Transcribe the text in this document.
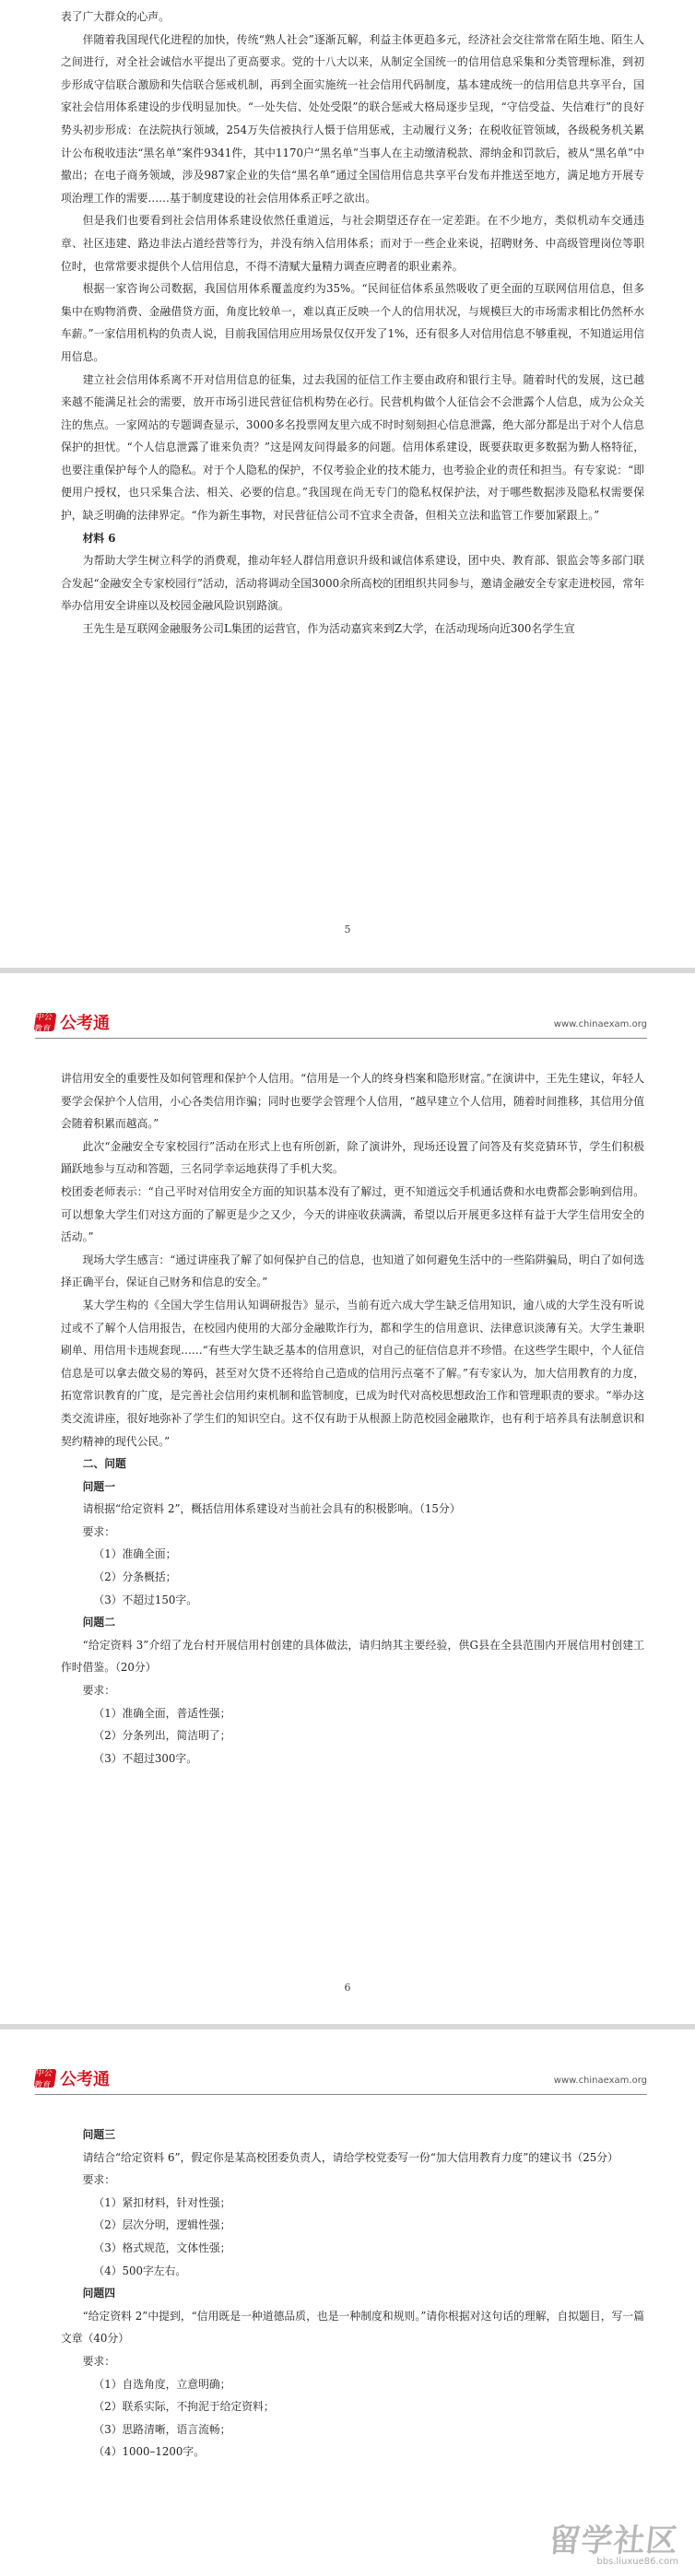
表了广大群众的心声。

伴随着我国现代化进程的加快，传统“熟人社会”逐渐瓦解，利益主体更趋多元，经济社会交往常常在陌生地、陌生人之间进行，对全社会诚信水平提出了更高要求。党的十八大以来，从制定全国统一的信用信息采集和分类管理标准，到初步形成守信联合激励和失信联合惩戒机制，再到全面实施统一社会信用代码制度，基本建成统一的信用信息共享平台，国家社会信用体系建设的步伐明显加快。“一处失信、处处受限”的联合惩戒大格局逐步呈现，“守信受益、失信难行”的良好势头初步形成：在法院执行领域，254万失信被执行人慑于信用惩戒，主动履行义务；在税收征管领域，各级税务机关累计公布税收违法“黑名单”案件9341件，其中1170户“黑名单”当事人在主动缴清税款、滞纳金和罚款后，被从“黑名单”中撤出；在电子商务领域，涉及987家企业的失信“黑名单”通过全国信用信息共享平台发布并推送至地方，满足地方开展专项治理工作的需要……基于制度建设的社会信用体系正呼之欲出。

但是我们也要看到社会信用体系建设依然任重道远，与社会期望还存在一定差距。在不少地方，类似机动车交通违章、社区违建、路边非法占道经营等行为，并没有纳入信用体系；而对于一些企业来说，招聘财务、中高级管理岗位等职位时，也常常要求提供个人信用信息，不得不清赋大量精力调查应聘者的职业素养。

根据一家咨询公司数据，我国信用体系覆盖度约为35%。“民间征信体系虽然吸收了更全面的互联网信用信息，但多集中在购物消费、金融借贷方面，角度比较单一，难以真正反映一个人的信用状况，与规模巨大的市场需求相比仍然杯水车薪。”一家信用机构的负责人说，目前我国信用应用场景仅仅开发了1%，还有很多人对信用信息不够重视，不知道运用信用信息。

建立社会信用体系离不开对信用信息的征集，过去我国的征信工作主要由政府和银行主导。随着时代的发展，这已越来越不能满足社会的需要，放开市场引进民营征信机构势在必行。民营机构做个人征信会不会泄露个人信息，成为公众关注的焦点。一家网站的专题调查显示，3000多名投票网友里六成不时时刻刻担心信息泄露，绝大部分都是出于对个人信息保护的担忧。“个人信息泄露了谁来负责？”这是网友问得最多的问题。信用体系建设，既要获取更多数据为勤人格特征，也要注重保护每个人的隐私。对于个人隐私的保护，不仅考验企业的技术能力，也考验企业的责任和担当。有专家说：“即便用户授权，也只采集合法、相关、必要的信息。”我国现在尚无专门的隐私权保护法，对于哪些数据涉及隐私权需要保护，缺乏明确的法律界定。“作为新生事物，对民营征信公司不宜求全责备，但相关立法和监管工作要加紧跟上。”

材料 6

为帮助大学生树立科学的消费观，推动年轻人群信用意识升级和诚信体系建设，团中央、教育部、银监会等多部门联合发起“金融安全专家校园行”活动，活动将调动全国3000余所高校的团组织共同参与，邀请金融安全专家走进校园，常年举办信用安全讲座以及校园金融风险识别路演。

王先生是互联网金融服务公司L集团的运营官，作为活动嘉宾来到Z大学，在活动现场向近300名学生宣

5
中公教育 公考通	www.chinaexam.org

讲信用安全的重要性及如何管理和保护个人信用。“信用是一个人的终身档案和隐形财富。”在演讲中，王先生建议，年轻人要学会保护个人信用，小心各类信用诈骗；同时也要学会管理个人信用，“越早建立个人信用，随着时间推移，其信用分值会随着积累而越高。”

此次“金融安全专家校园行”活动在形式上也有所创新，除了演讲外，现场还设置了问答及有奖竞猜环节，学生们积极踊跃地参与互动和答题，三名同学幸运地获得了手机大奖。

校团委老师表示：“自己平时对信用安全方面的知识基本没有了解过，更不知道远交手机通话费和水电费都会影响到信用。可以想象大学生们对这方面的了解更是少之又少，今天的讲座收获满满，希望以后开展更多这样有益于大学生信用安全的活动。”

现场大学生感言：“通过讲座我了解了如何保护自己的信息，也知道了如何避免生活中的一些陷阱骗局，明白了如何选择正确平台，保证自己财务和信息的安全。”

某大学生构的《全国大学生信用认知调研报告》显示，当前有近六成大学生缺乏信用知识，逾八成的大学生没有听说过或不了解个人信用报告，在校园内使用的大部分金融欺诈行为，都和学生的信用意识、法律意识淡薄有关。大学生兼职刷单、用信用卡违规套现……“有些大学生缺乏基本的信用意识，对自己的征信信息并不珍惜。在这些学生眼中，个人征信信息是可以拿去做交易的筹码，甚至对欠贷不还将给自己造成的信用污点毫不了解。”有专家认为，加大信用教育的力度，拓宽常识教育的广度，是完善社会信用约束机制和监管制度，已成为时代对高校思想政治工作和管理职责的要求。“举办这类交流讲座，很好地弥补了学生们的知识空白。这不仅有助于从根源上防范校园金融欺诈，也有利于培养具有法制意识和契约精神的现代公民。”

二、问题

问题一

请根据“给定资料 2”，概括信用体系建设对当前社会具有的积极影响。（15分）

要求：

（1）准确全面；

（2）分条概括；

（3）不超过150字。

问题二

“给定资料 3”介绍了龙台村开展信用村创建的具体做法，请归纳其主要经验，供G县在全县范围内开展信用村创建工作时借鉴。（20分）

要求：

（1）准确全面，普适性强；

（2）分条列出，简洁明了；

（3）不超过300字。

6
中公教育 公考通	www.chinaexam.org

问题三

请结合“给定资料 6”，假定你是某高校团委负责人，请给学校党委写一份“加大信用教育力度”的建议书（25分）

要求：

（1）紧扣材料，针对性强；

（2）层次分明，逻辑性强；

（3）格式规范，文体性强；

（4）500字左右。

问题四

“给定资料 2”中提到，“信用既是一种道德品质，也是一种制度和规则。”请你根据对这句话的理解，自拟题目，写一篇文章（40分）

要求：

（1）自选角度，立意明确；

（2）联系实际，不拘泥于给定资料；

（3）思路清晰，语言流畅；

（4）1000–1200字。

留学社区
bbs.liuxue86.com
